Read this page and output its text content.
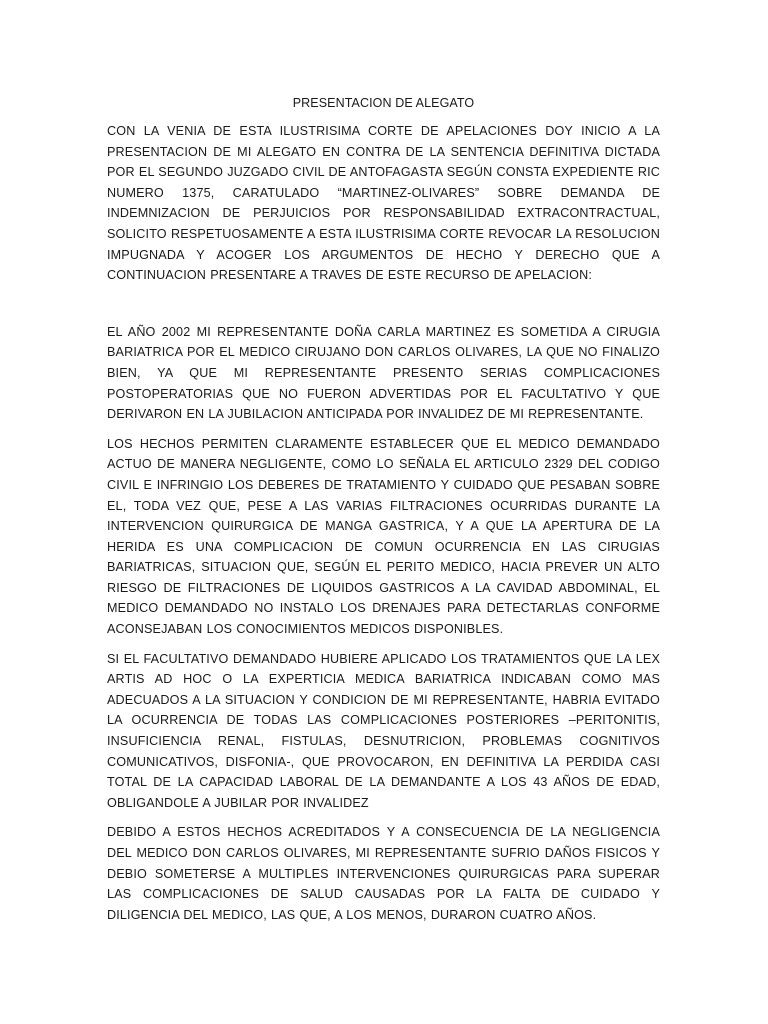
PRESENTACION DE ALEGATO

CON LA VENIA DE ESTA ILUSTRISIMA CORTE DE APELACIONES DOY INICIO A LA PRESENTACION DE MI ALEGATO EN CONTRA DE LA SENTENCIA DEFINITIVA DICTADA POR EL SEGUNDO JUZGADO CIVIL DE ANTOFAGASTA SEGÚN CONSTA EXPEDIENTE RIC NUMERO 1375, CARATULADO “MARTINEZ-OLIVARES” SOBRE DEMANDA DE INDEMNIZACION DE PERJUICIOS POR RESPONSABILIDAD EXTRACONTRACTUAL, SOLICITO RESPETUOSAMENTE A ESTA ILUSTRISIMA CORTE REVOCAR LA RESOLUCION IMPUGNADA Y ACOGER LOS ARGUMENTOS DE HECHO Y DERECHO QUE A CONTINUACION PRESENTARE A TRAVES DE ESTE RECURSO DE APELACION:

EL AÑO 2002 MI REPRESENTANTE DOÑA CARLA MARTINEZ ES SOMETIDA A CIRUGIA BARIATRICA POR EL MEDICO CIRUJANO DON CARLOS OLIVARES, LA QUE NO FINALIZO BIEN, YA QUE MI REPRESENTANTE PRESENTO SERIAS COMPLICACIONES POSTOPERATORIAS QUE NO FUERON ADVERTIDAS POR EL FACULTATIVO Y QUE DERIVARON EN LA JUBILACION ANTICIPADA POR INVALIDEZ DE MI REPRESENTANTE.

LOS HECHOS PERMITEN CLARAMENTE ESTABLECER QUE EL MEDICO DEMANDADO ACTUO DE MANERA NEGLIGENTE, COMO LO SEÑALA EL ARTICULO 2329 DEL CODIGO CIVIL E INFRINGIO LOS DEBERES DE TRATAMIENTO Y CUIDADO QUE PESABAN SOBRE EL, TODA VEZ QUE, PESE A LAS VARIAS FILTRACIONES OCURRIDAS DURANTE LA INTERVENCION QUIRURGICA DE MANGA GASTRICA, Y A QUE LA APERTURA DE LA HERIDA ES UNA COMPLICACION DE COMUN OCURRENCIA EN LAS CIRUGIAS BARIATRICAS, SITUACION QUE, SEGÚN EL PERITO MEDICO, HACIA PREVER UN ALTO RIESGO DE FILTRACIONES DE LIQUIDOS GASTRICOS A LA CAVIDAD ABDOMINAL, EL MEDICO DEMANDADO NO INSTALO LOS DRENAJES PARA DETECTARLAS CONFORME ACONSEJABAN LOS CONOCIMIENTOS MEDICOS DISPONIBLES.

SI EL FACULTATIVO DEMANDADO HUBIERE APLICADO LOS TRATAMIENTOS QUE LA LEX ARTIS AD HOC O LA EXPERTICIA MEDICA BARIATRICA INDICABAN COMO MAS ADECUADOS A LA SITUACION Y CONDICION DE MI REPRESENTANTE, HABRIA EVITADO LA OCURRENCIA DE TODAS LAS COMPLICACIONES POSTERIORES –PERITONITIS, INSUFICIENCIA RENAL, FISTULAS, DESNUTRICION, PROBLEMAS COGNITIVOS COMUNICATIVOS, DISFONIA-, QUE PROVOCARON, EN DEFINITIVA LA PERDIDA CASI TOTAL DE LA CAPACIDAD LABORAL DE LA DEMANDANTE A LOS 43 AÑOS DE EDAD, OBLIGANDOLE A JUBILAR POR INVALIDEZ

DEBIDO A ESTOS HECHOS ACREDITADOS Y A CONSECUENCIA DE LA NEGLIGENCIA DEL MEDICO DON CARLOS OLIVARES, MI REPRESENTANTE SUFRIO DAÑOS FISICOS Y DEBIO SOMETERSE A MULTIPLES INTERVENCIONES QUIRURGICAS PARA SUPERAR LAS COMPLICACIONES DE SALUD CAUSADAS POR LA FALTA DE CUIDADO Y DILIGENCIA DEL MEDICO, LAS QUE, A LOS MENOS, DURARON CUATRO AÑOS.
